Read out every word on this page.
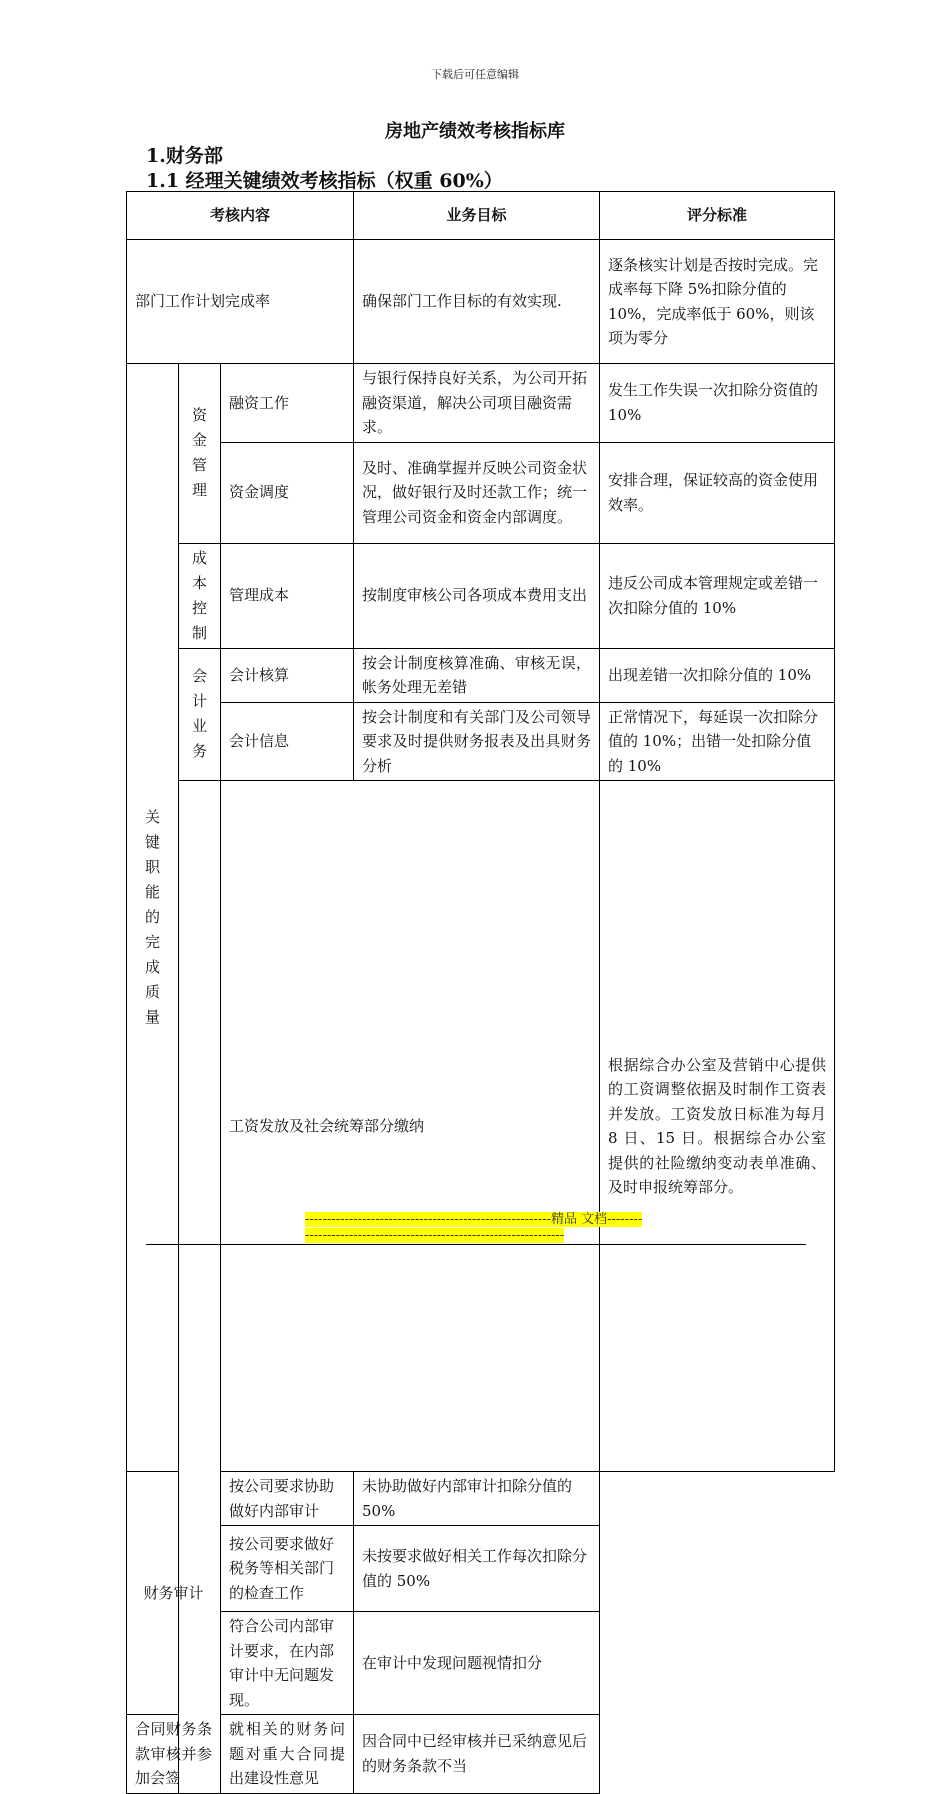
下载后可任意编辑
房地产绩效考核指标库
1.财务部
1.1 经理关键绩效考核指标（权重 60%）
考核内容			业务目标	评分标准	
部门工作计划完成率			确保部门工作目标的有效实现.	逐条核实计划是否按时完成。完成率每下降 5%扣除分值的 10%，完成率低于 60%，则该项为零分	

关键职能的完成质量	资金管理	融资工作	与银行保持良好关系，为公司开拓融资渠道，解决公司项目融资需求。	发生工作失误一次扣除分资值的 10%	
		资金调度	及时、准确掌握并反映公司资金状况，做好银行及时还款工作；统一管理公司资金和资金内部调度。	安排合理，保证较高的资金使用效率。	

	成本控制	管理成本	按制度审核公司各项成本费用支出	违反公司成本管理规定或差错一次扣除分值的 10%	

	会计业务	会计核算	按会计制度核算准确、审核无误，帐务处理无差错	出现差错一次扣除分值的 10%	
		会计信息	按会计制度和有关部门及公司领导要求及时提供财务报表及出具财务分析	正常情况下，每延误一次扣除分值的 10%；出错一处扣除分值的 10%	
		工资发放及社会统筹部分缴纳		根据综合办公室及营销中心提供的工资调整依据及时制作工资表并发放。工资发放日标准为每月 8 日、15 日。根据综合办公室提供的社险缴纳变动表单准确、及时申报统筹部分。	
财务审计		按公司要求协助做好内部审计	未协助做好内部审计扣除分值的 50%		
		按公司要求做好税务等相关部门的检查工作	未按要求做好相关工作每次扣除分值的 50%		
		符合公司内部审计要求，在内部审计中无问题发现。	在审计中发现问题视情扣分		
合同财务条款审核并参加会签		就相关的财务问题对重大合同提出建设性意见	因合同中已经审核并已采纳意见后的财务条款不当		
--------------------------------------------------------精品 文档-------------------------------------------------------------------
